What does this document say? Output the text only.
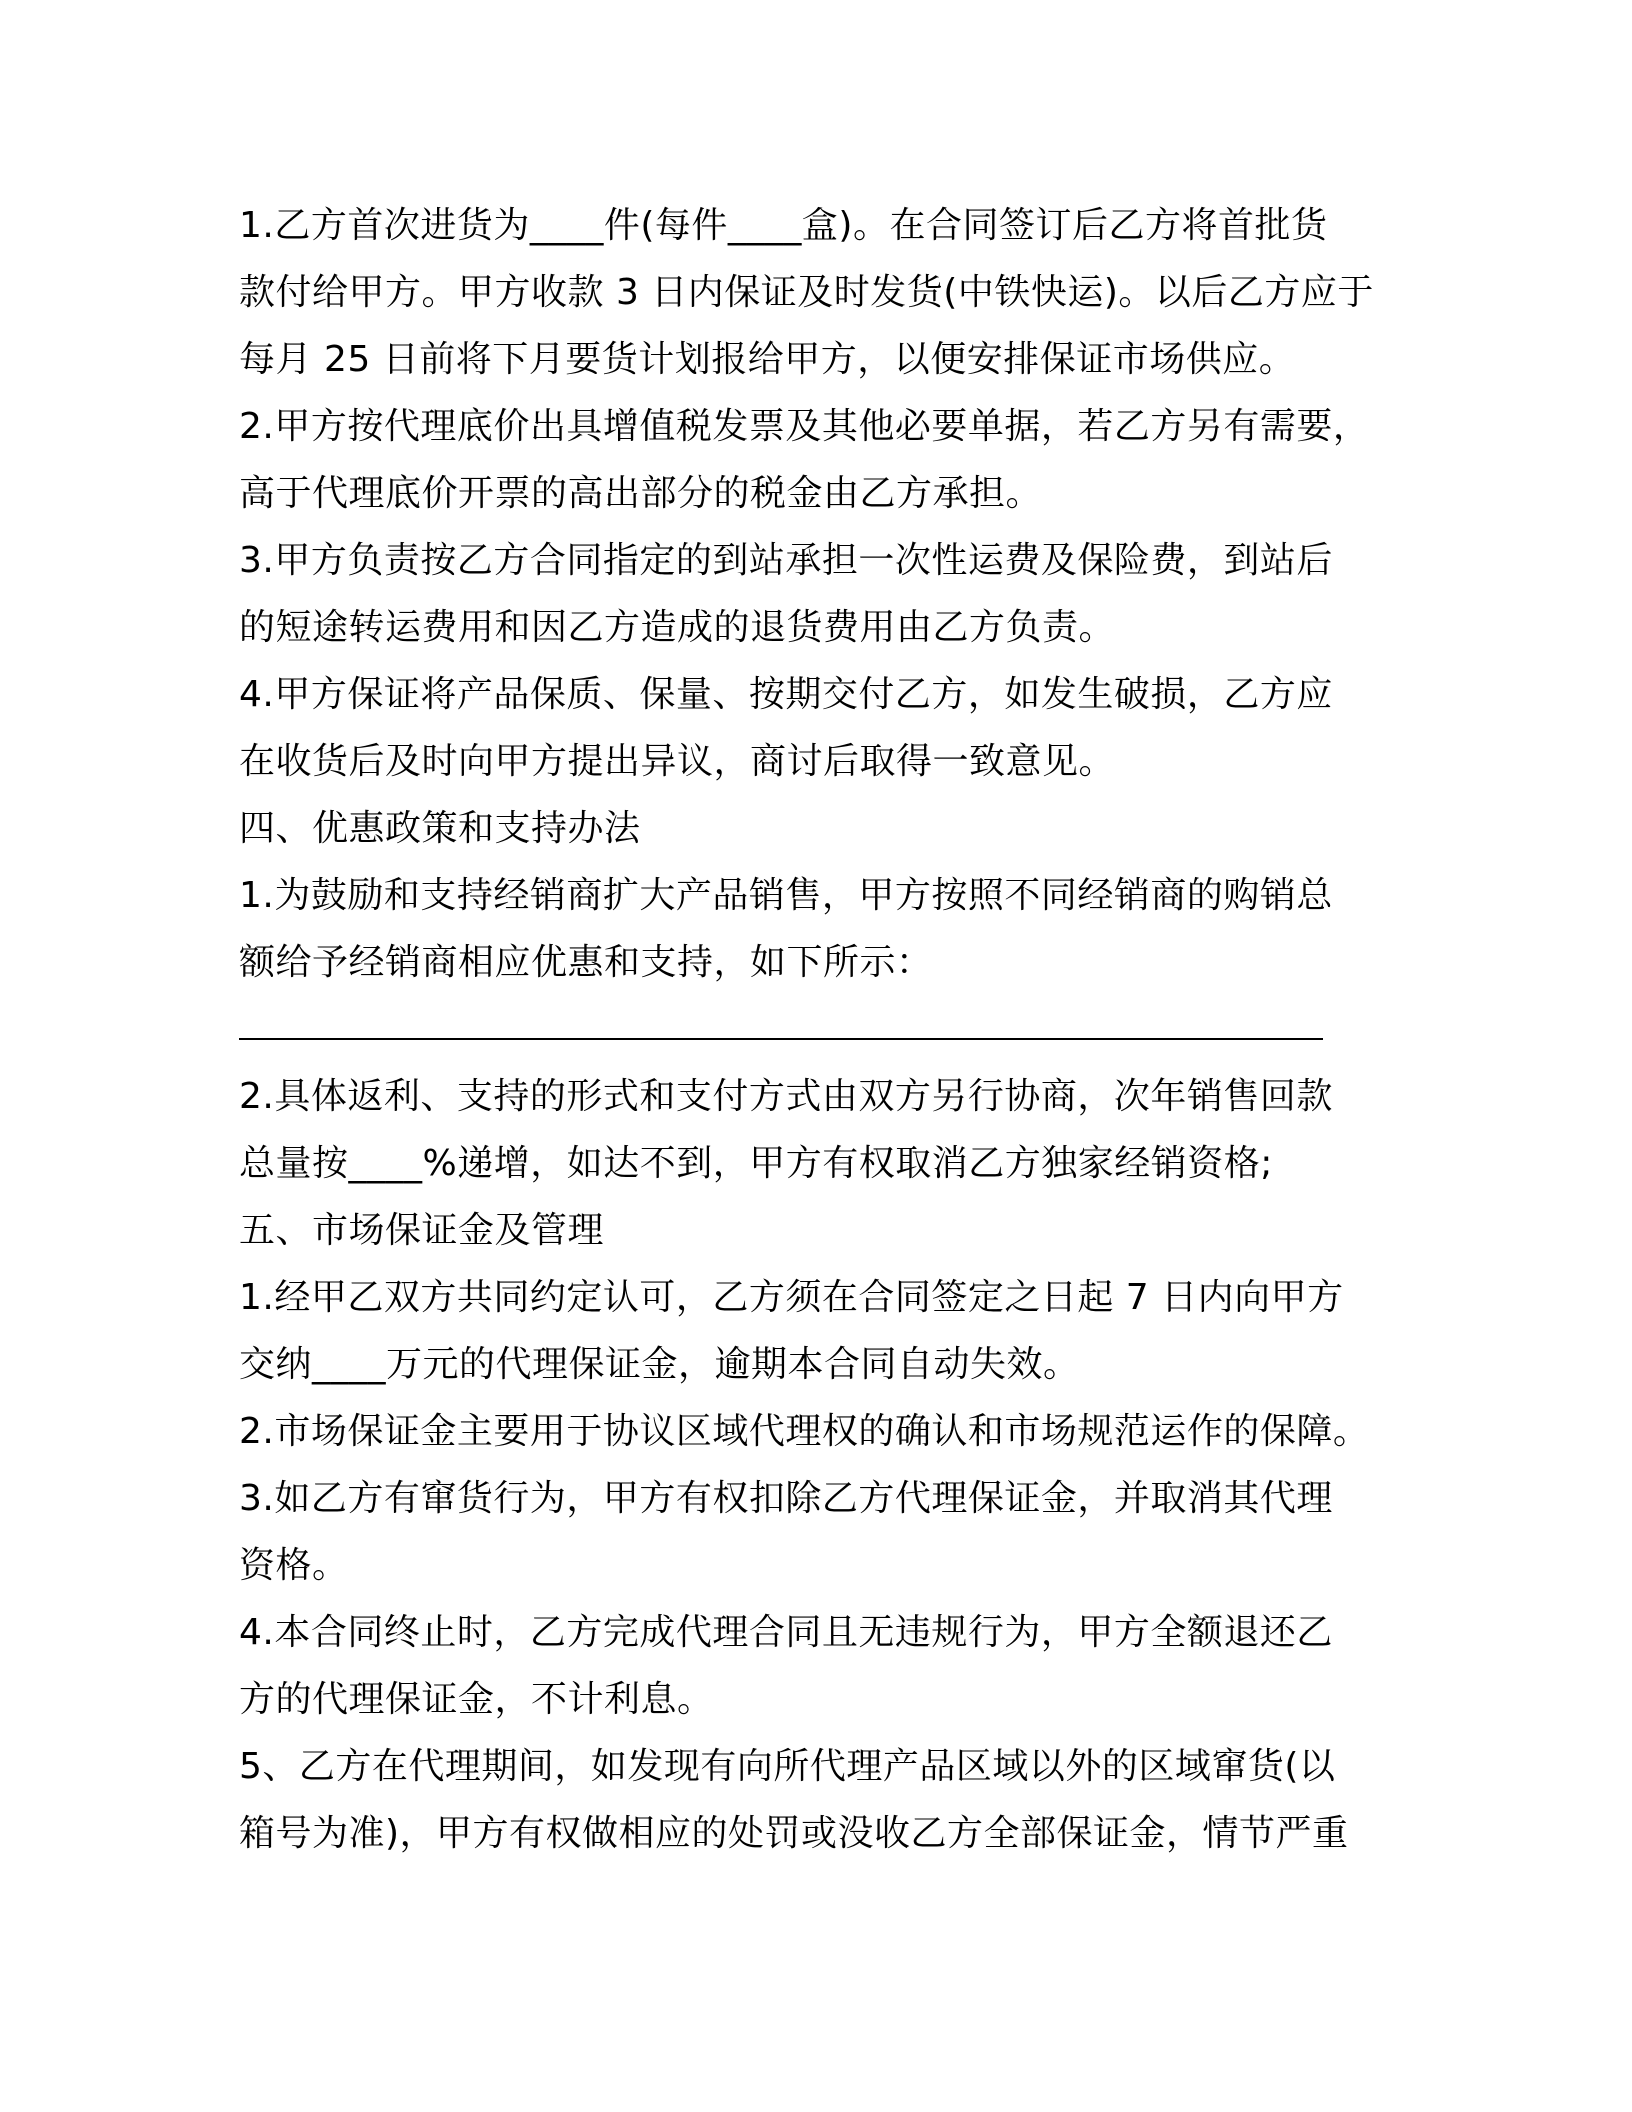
1.乙方首次进货为____件(每件____盒)。在合同签订后乙方将首批货
款付给甲方。甲方收款 3 日内保证及时发货(中铁快运)。以后乙方应于
每月 25 日前将下月要货计划报给甲方，以便安排保证市场供应。
2.甲方按代理底价出具增值税发票及其他必要单据，若乙方另有需要，
高于代理底价开票的高出部分的税金由乙方承担。
3.甲方负责按乙方合同指定的到站承担一次性运费及保险费，到站后
的短途转运费用和因乙方造成的退货费用由乙方负责。
4.甲方保证将产品保质、保量、按期交付乙方，如发生破损，乙方应
在收货后及时向甲方提出异议，商讨后取得一致意见。
四、优惠政策和支持办法
1.为鼓励和支持经销商扩大产品销售，甲方按照不同经销商的购销总
额给予经销商相应优惠和支持，如下所示：
2.具体返利、支持的形式和支付方式由双方另行协商，次年销售回款
总量按____%递增，如达不到，甲方有权取消乙方独家经销资格;
五、市场保证金及管理
1.经甲乙双方共同约定认可，乙方须在合同签定之日起 7 日内向甲方
交纳____万元的代理保证金，逾期本合同自动失效。
2.市场保证金主要用于协议区域代理权的确认和市场规范运作的保障。
3.如乙方有窜货行为，甲方有权扣除乙方代理保证金，并取消其代理
资格。
4.本合同终止时，乙方完成代理合同且无违规行为，甲方全额退还乙
方的代理保证金，不计利息。
5、乙方在代理期间，如发现有向所代理产品区域以外的区域窜货(以
箱号为准)，甲方有权做相应的处罚或没收乙方全部保证金，情节严重
